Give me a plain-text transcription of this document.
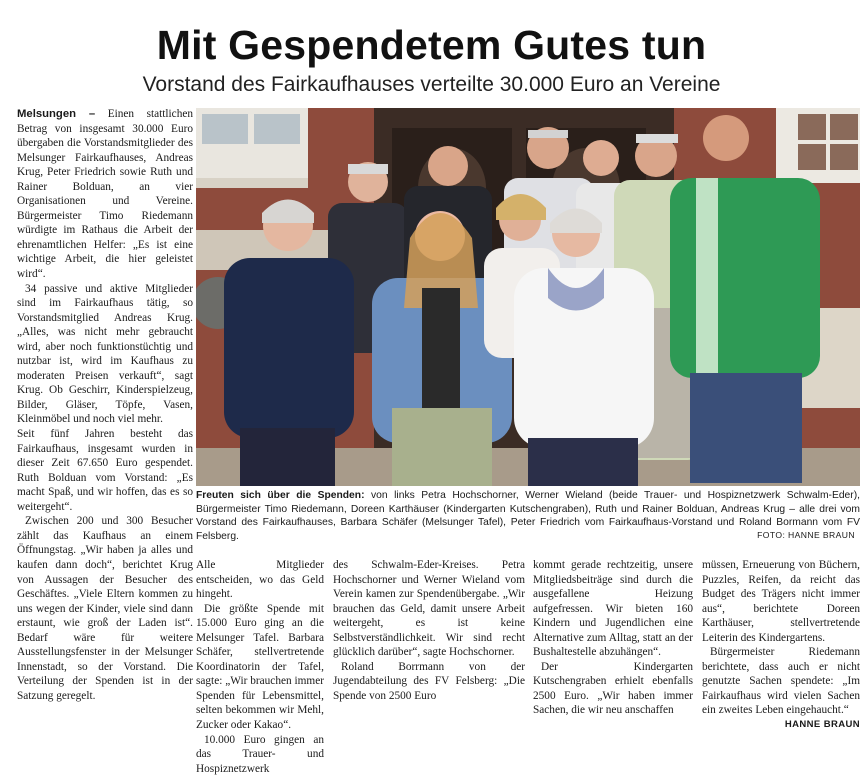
Mit Gespendetem Gutes tun
Vorstand des Fairkaufhauses verteilte 30.000 Euro an Vereine

Melsungen – Einen stattlichen Betrag von insgesamt 30.000 Euro übergaben die Vorstandsmitglieder des Melsunger Fairkaufhauses, Andreas Krug, Peter Friedrich sowie Ruth und Rainer Bolduan, an vier Organisationen und Vereine. Bürgermeister Timo Riedemann würdigte im Rathaus die Arbeit der ehrenamtlichen Helfer: „Es ist eine wichtige Arbeit, die hier geleistet wird“.

34 passive und aktive Mitglieder sind im Fairkaufhaus tätig, so Vorstandsmitglied Andreas Krug. „Alles, was nicht mehr gebraucht wird, aber noch funktionstüchtig und nutzbar ist, wird im Kaufhaus zu moderaten Preisen verkauft“, sagt Krug. Ob Geschirr, Kinderspielzeug, Bilder, Gläser, Töpfe, Vasen, Kleinmöbel und noch viel mehr.

Seit fünf Jahren besteht das Fairkaufhaus, insgesamt wurden in dieser Zeit 67.650 Euro gespendet. Ruth Bolduan vom Vorstand: „Es macht Spaß, und wir hoffen, das es so weitergeht“.

Zwischen 200 und 300 Besucher zählt das Kaufhaus an einem Öffnungstag. „Wir haben ja alles und kaufen dann doch“, berichtet Krug von Aussagen der Besucher des Geschäftes. „Viele Eltern kommen zu uns wegen der Kinder, viele sind dann erstaunt, wie groß der Laden ist“. Bedarf wäre für weitere Ausstellungsfenster in der Melsunger Innenstadt, so der Vorstand. Die Verteilung der Spenden ist in der Satzung geregelt.

Freuten sich über die Spenden: von links Petra Hochschorner, Werner Wieland (beide Trauer- und Hospiznetzwerk Schwalm-Eder), Bürgermeister Timo Riedemann, Doreen Karthäuser (Kindergarten Kutschengraben), Ruth und Rainer Bolduan, Andreas Krug – alle drei vom Vorstand des Fairkaufhauses, Barbara Schäfer (Melsunger Tafel), Peter Friedrich vom Fairkaufhaus-Vorstand und Roland Bormann vom FV Felsberg.	FOTO: HANNE BRAUN

Alle Mitglieder entscheiden, wo das Geld hingeht.

Die größte Spende mit 15.000 Euro ging an die Melsunger Tafel. Barbara Schäfer, stellvertretende Koordinatorin der Tafel, sagte: „Wir brauchen immer Spenden für Lebensmittel, selten bekommen wir Mehl, Zucker oder Kakao“.

10.000 Euro gingen an das Trauer- und Hospiznetzwerk

des Schwalm-Eder-Kreises. Petra Hochschorner und Werner Wieland vom Verein kamen zur Spendenübergabe. „Wir brauchen das Geld, damit unsere Arbeit weitergeht, es ist keine Selbstverständlichkeit. Wir sind recht glücklich darüber“, sagte Hochschorner.

Roland Borrmann von der Jugendabteilung des FV Felsberg: „Die Spende von 2500 Euro

kommt gerade rechtzeitig, unsere Mitgliedsbeiträge sind durch die ausgefallene Heizung aufgefressen. Wir bieten 160 Kindern und Jugendlichen eine Alternative zum Alltag, statt an der Bushaltestelle abzuhängen“.

Der Kindergarten Kutschengraben erhielt ebenfalls 2500 Euro. „Wir haben immer Sachen, die wir neu anschaffen

müssen, Erneuerung von Büchern, Puzzles, Reifen, da reicht das Budget des Trägers nicht immer aus“, berichtete Doreen Karthäuser, stellvertretende Leiterin des Kindergartens.

Bürgermeister Riedemann berichtete, dass auch er nicht genutzte Sachen spendete: „Im Fairkaufhaus wird vielen Sachen ein zweites Leben eingehaucht.“

HANNE BRAUN
